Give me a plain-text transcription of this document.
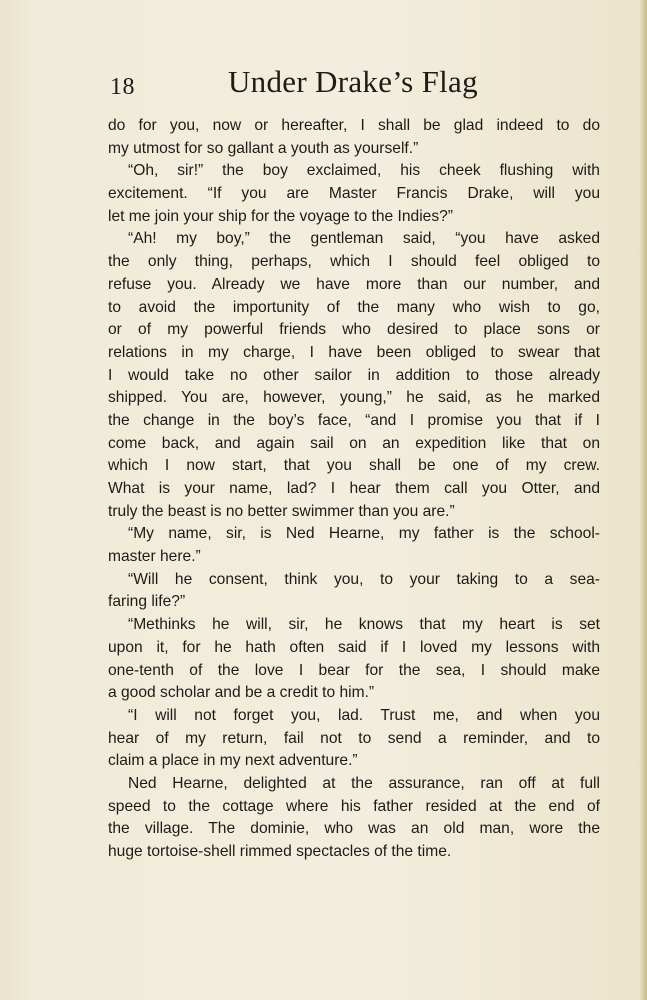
18	Under Drake’s Flag
do for you, now or hereafter, I shall be glad indeed to do
my utmost for so gallant a youth as yourself.”
“Oh, sir!” the boy exclaimed, his cheek flushing with
excitement. “If you are Master Francis Drake, will you
let me join your ship for the voyage to the Indies?”
“Ah! my boy,” the gentleman said, “you have asked
the only thing, perhaps, which I should feel obliged to
refuse you. Already we have more than our number, and
to avoid the importunity of the many who wish to go,
or of my powerful friends who desired to place sons or
relations in my charge, I have been obliged to swear that
I would take no other sailor in addition to those already
shipped. You are, however, young,” he said, as he marked
the change in the boy’s face, “and I promise you that if I
come back, and again sail on an expedition like that on
which I now start, that you shall be one of my crew.
What is your name, lad? I hear them call you Otter, and
truly the beast is no better swimmer than you are.”
“My name, sir, is Ned Hearne, my father is the school-
master here.”
“Will he consent, think you, to your taking to a sea-
faring life?”
“Methinks he will, sir, he knows that my heart is set
upon it, for he hath often said if I loved my lessons with
one-tenth of the love I bear for the sea, I should make
a good scholar and be a credit to him.”
“I will not forget you, lad. Trust me, and when you
hear of my return, fail not to send a reminder, and to
claim a place in my next adventure.”
Ned Hearne, delighted at the assurance, ran off at full
speed to the cottage where his father resided at the end of
the village. The dominie, who was an old man, wore the
huge tortoise-shell rimmed spectacles of the time.
